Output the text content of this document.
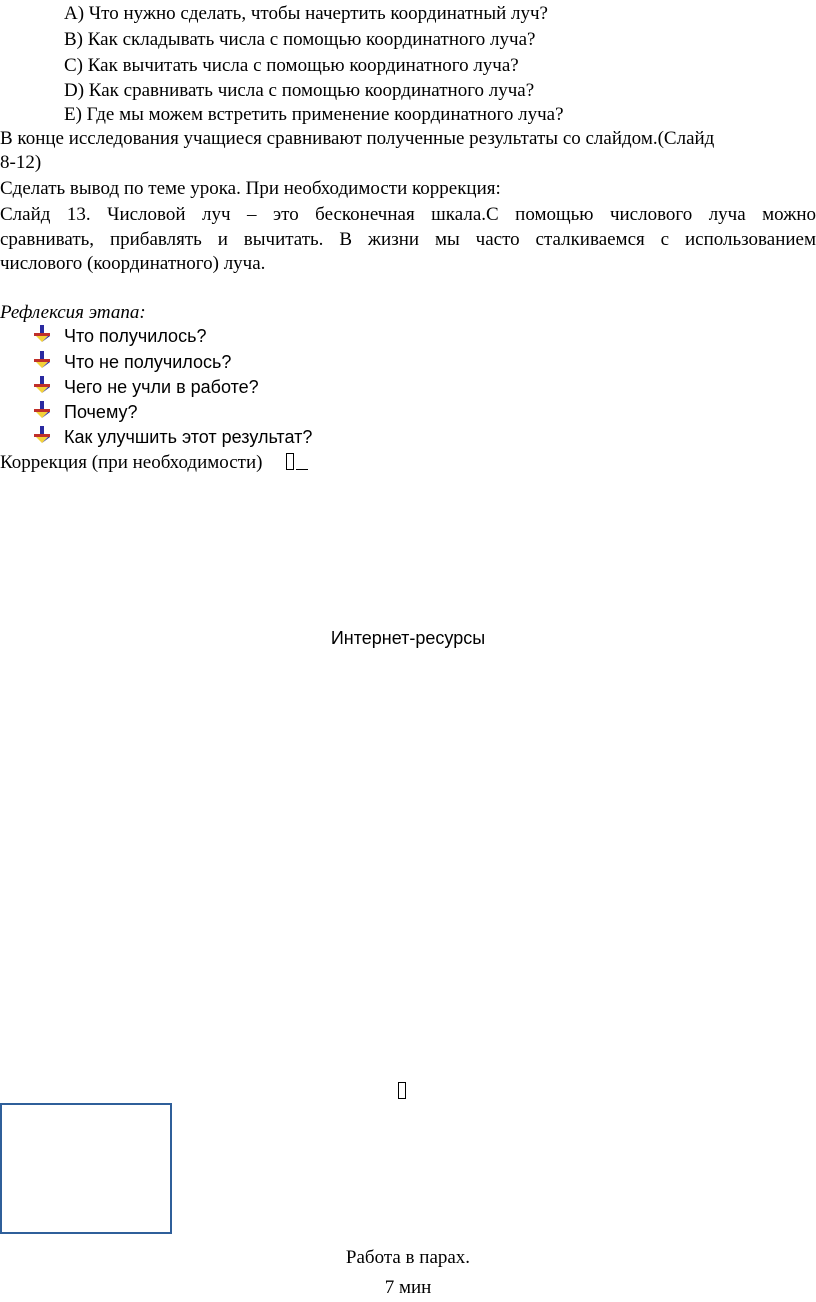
А) Что нужно сделать, чтобы начертить координатный луч?
В) Как складывать числа с помощью координатного луча?
С) Как вычитать числа с помощью координатного луча?
D) Как сравнивать числа с помощью координатного луча?
Е) Где мы можем встретить применение координатного луча?
В конце исследования учащиеся сравнивают полученные результаты со слайдом.(Слайд
8-12)
Сделать вывод по теме урока. При необходимости коррекция:
Слайд 13. Числовой луч – это бесконечная шкала.С помощью числового луча можно
сравнивать, прибавлять и вычитать. В жизни мы часто сталкиваемся с использованием
числового (координатного) луча.
Рефлексия этапа:
Что получилось?
Что не получилось?
Чего не учли в работе?
Почему?
Как улучшить этот результат?
Коррекция (при необходимости)
Интернет-ресурсы
Работа в парах.
7 мин
